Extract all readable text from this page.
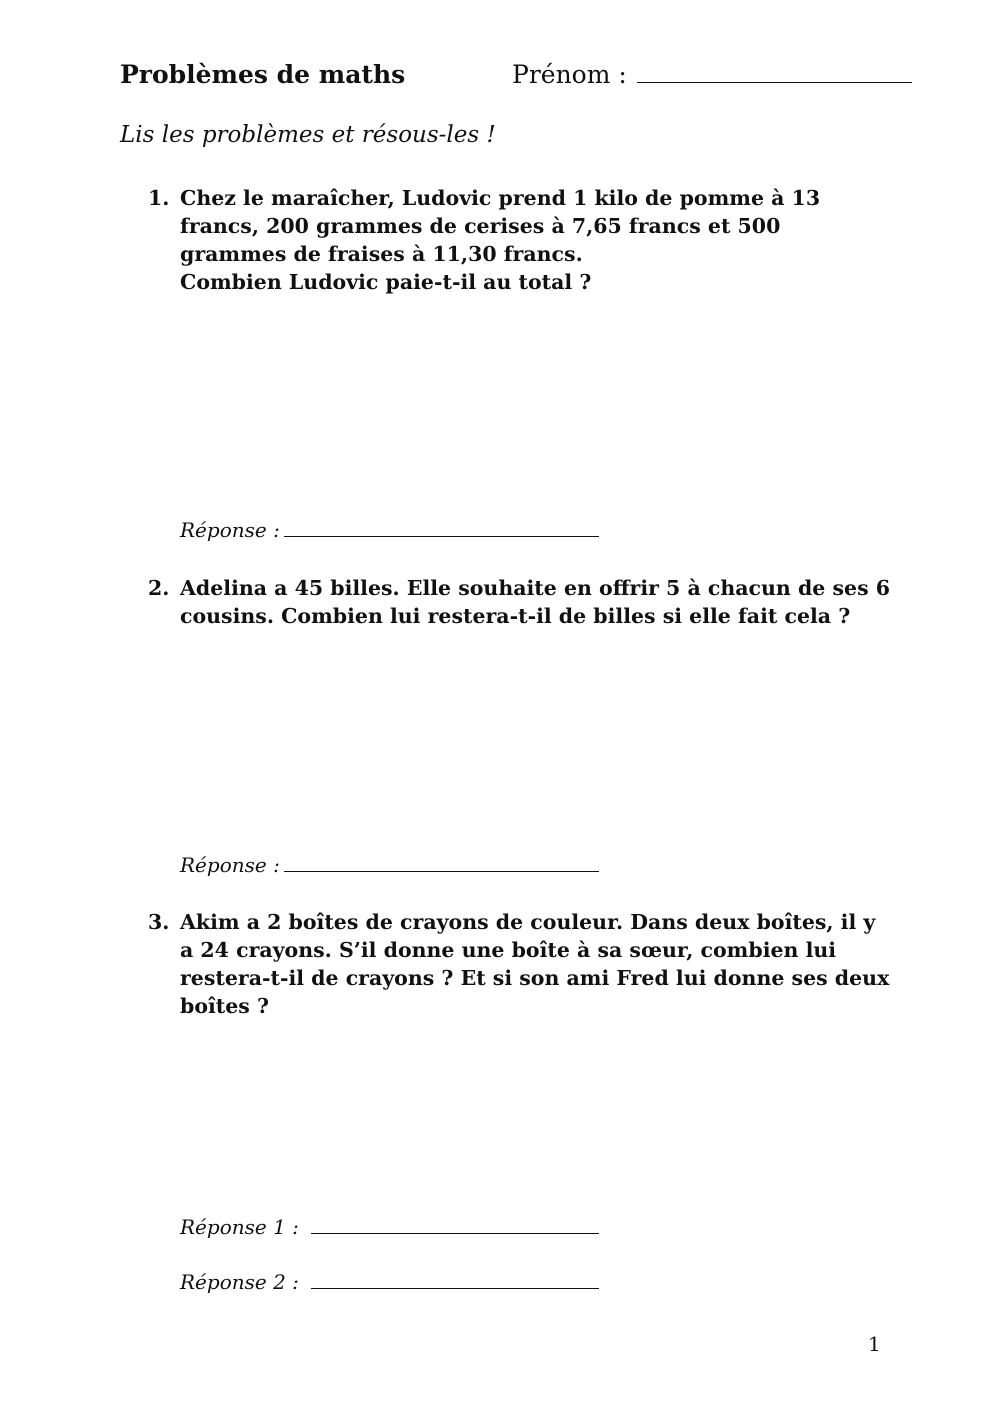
Problèmes de maths	Prénom :
Lis les problèmes et résous-les !
1. Chez le maraîcher, Ludovic prend 1 kilo de pomme à 13 francs, 200 grammes de cerises à 7,65 francs et 500 grammes de fraises à 11,30 francs.

Combien Ludovic paie-t-il au total ?

Réponse :
2. Adelina a 45 billes. Elle souhaite en offrir 5 à chacun de ses 6 cousins. Combien lui restera-t-il de billes si elle fait cela ?

Réponse :
3. Akim a 2 boîtes de crayons de couleur. Dans deux boîtes, il y a 24 crayons. S’il donne une boîte à sa sœur, combien lui restera-t-il de crayons ? Et si son ami Fred lui donne ses deux boîtes ?

Réponse 1 :
Réponse 2 :
1
